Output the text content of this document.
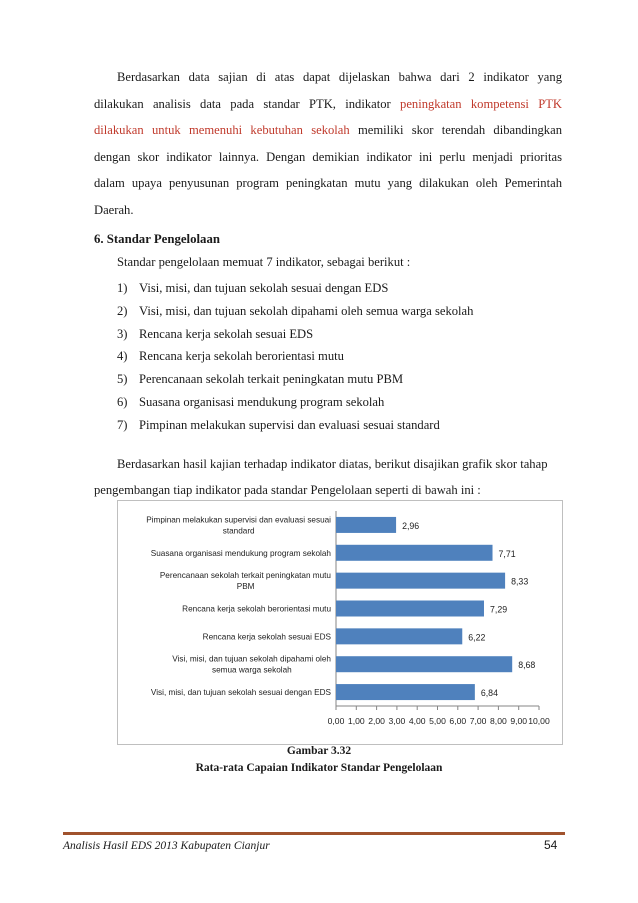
Berdasarkan data sajian di atas dapat dijelaskan bahwa dari 2 indikator yang
dilakukan analisis data pada standar PTK, indikator peningkatan kompetensi PTK
dilakukan untuk memenuhi kebutuhan sekolah memiliki skor terendah dibandingkan
dengan skor indikator lainnya. Dengan demikian indikator ini perlu menjadi prioritas
dalam upaya penyusunan program peningkatan mutu yang dilakukan oleh Pemerintah
Daerah.

6. Standar Pengelolaan

Standar pengelolaan memuat 7 indikator, sebagai berikut :

1) Visi, misi, dan tujuan sekolah sesuai dengan EDS
2) Visi, misi, dan tujuan sekolah dipahami oleh semua warga sekolah
3) Rencana kerja sekolah sesuai EDS
4) Rencana kerja sekolah berorientasi mutu
5) Perencanaan sekolah terkait peningkatan mutu PBM
6) Suasana organisasi mendukung program sekolah
7) Pimpinan melakukan supervisi dan evaluasi sesuai standard
Berdasarkan hasil kajian terhadap indikator diatas, berikut disajikan grafik skor tahap
pengembangan tiap indikator pada standar Pengelolaan seperti di bawah ini :
0,00 1,00 2,00 3,00 4,00 5,00 6,00 7,00 8,00 9,00 10,00
2,96
Pimpinan melakukan supervisi dan evaluasi sesuai
standard
7,71
Suasana organisasi mendukung program sekolah
8,33
Perencanaan sekolah terkait peningkatan mutu
PBM
7,29
Rencana kerja sekolah berorientasi mutu
6,22
Rencana kerja sekolah sesuai EDS
8,68
Visi, misi, dan tujuan sekolah dipahami oleh
semua warga sekolah
6,84
Visi, misi, dan tujuan sekolah sesuai dengan EDS

Gambar 3.32

Rata-rata Capaian Indikator Standar Pengelolaan

Analisis Hasil EDS 2013 Kabupaten Cianjur	54
